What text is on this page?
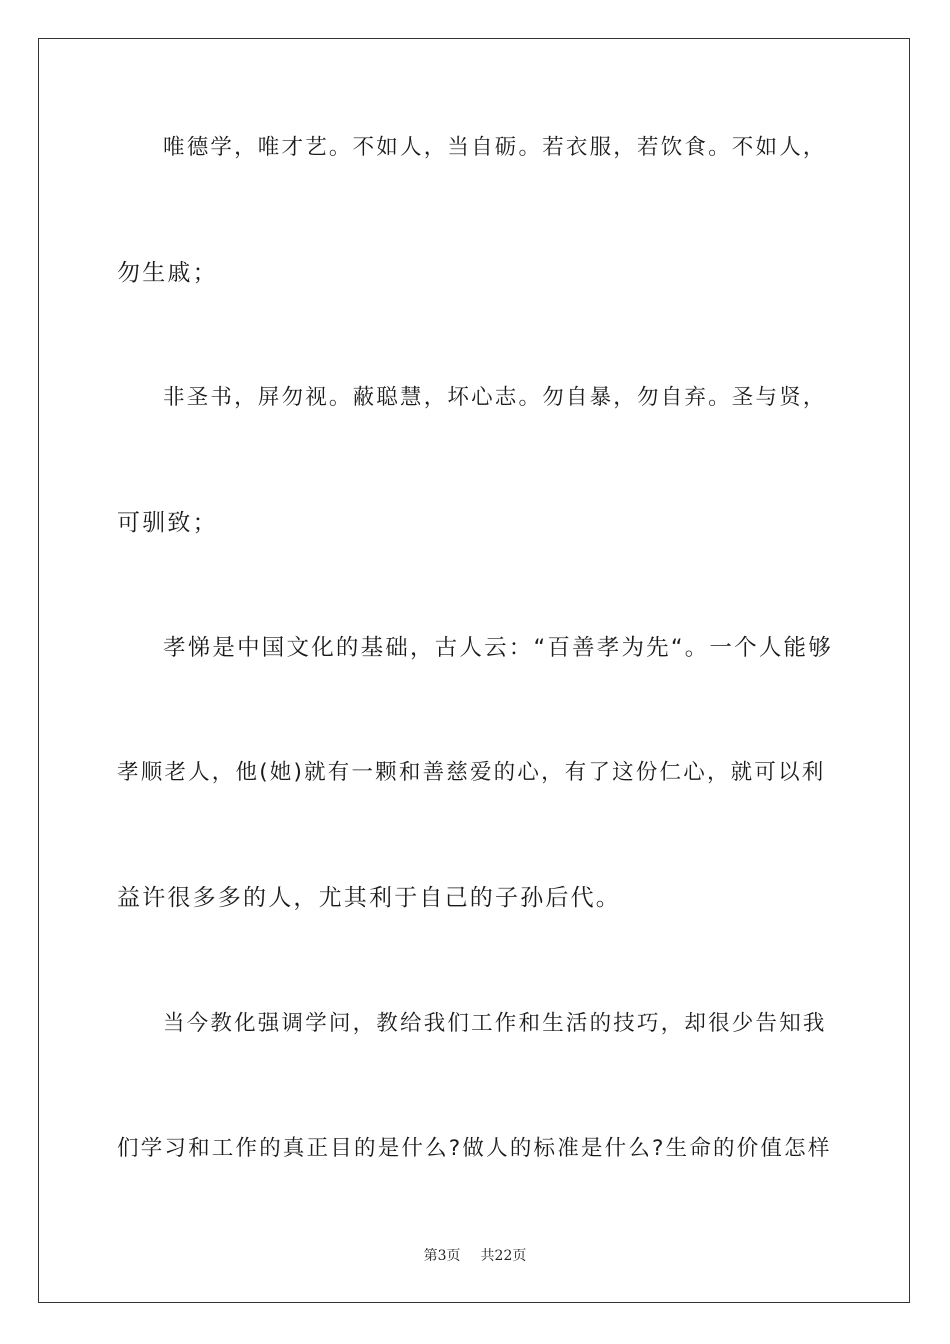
唯德学，唯才艺。不如人，当自砺。若衣服，若饮食。不如人，
勿生戚；
非圣书，屏勿视。蔽聪慧，坏心志。勿自暴，勿自弃。圣与贤，
可驯致；
孝悌是中国文化的基础，古人云：“百善孝为先“。一个人能够
孝顺老人，他(她)就有一颗和善慈爱的心，有了这份仁心，就可以利
益许很多多的人，尤其利于自己的子孙后代。
当今教化强调学问，教给我们工作和生活的技巧，却很少告知我
们学习和工作的真正目的是什么?做人的标准是什么?生命的价值怎样
第3页 共22页
